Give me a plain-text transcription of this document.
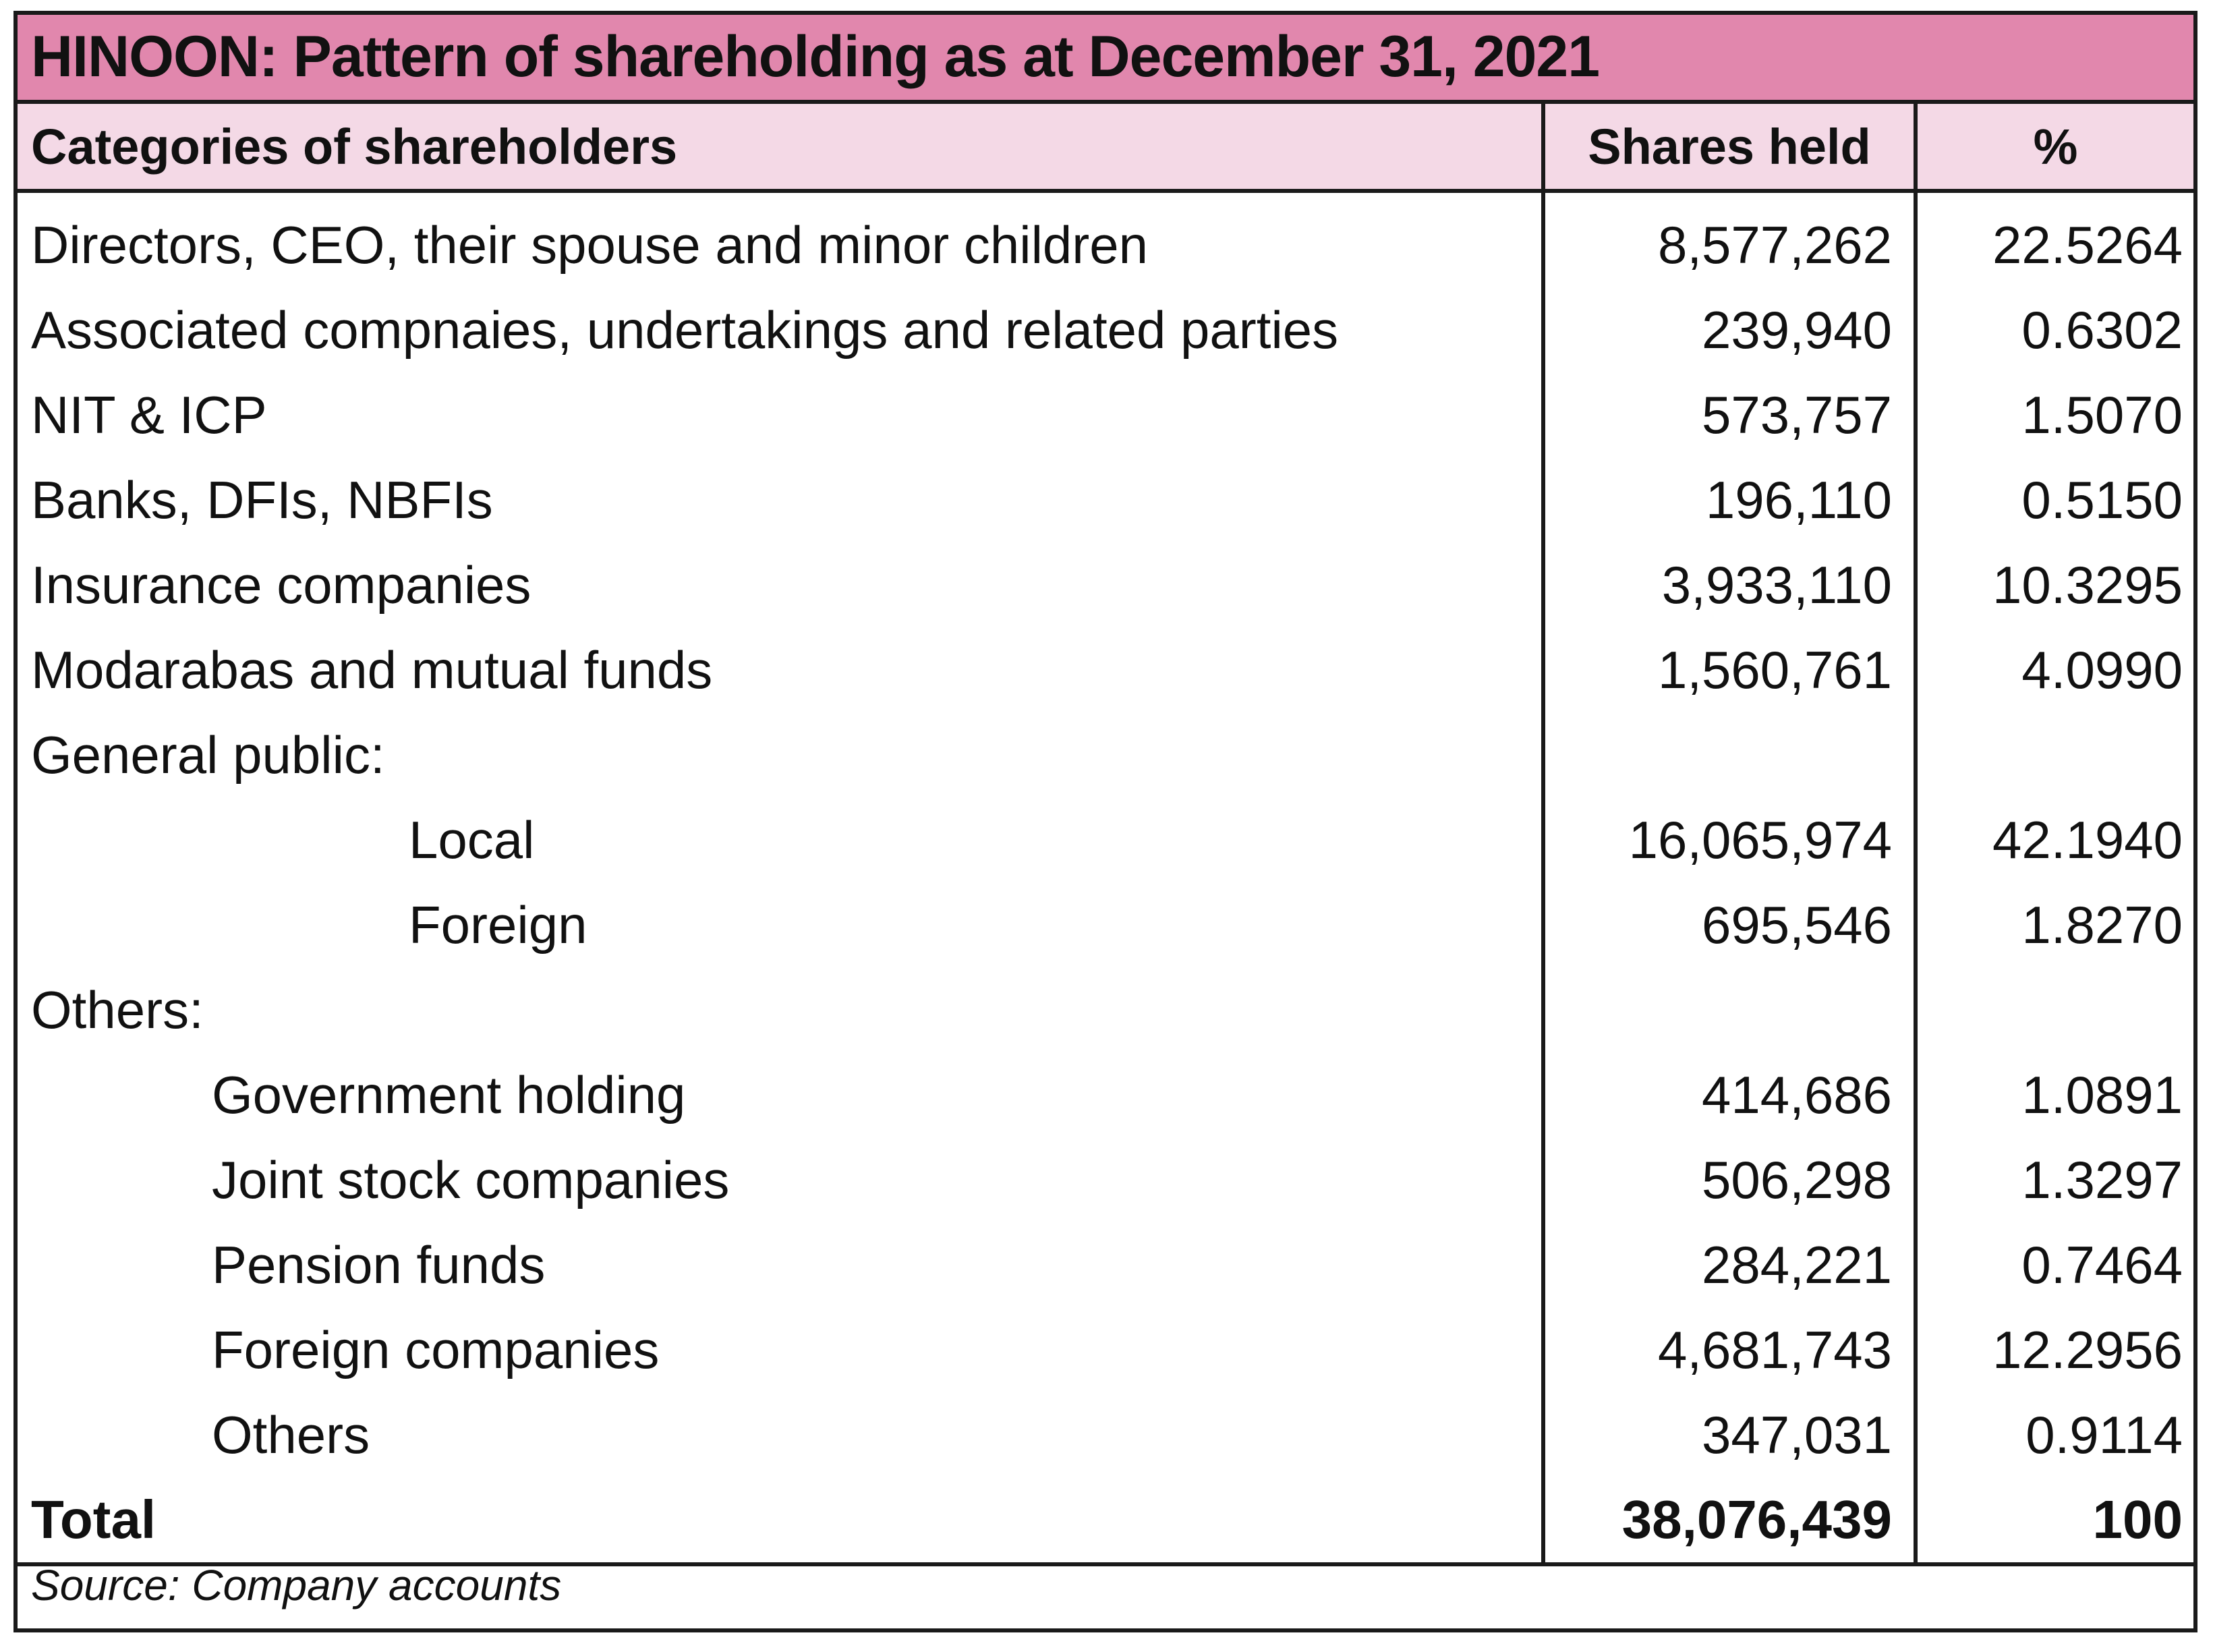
HINOON: Pattern of shareholding as at December 31, 2021
Categories of shareholders	Shares held	%
Directors, CEO, their spouse and minor children	8,577,262	22.5264
Associated compnaies, undertakings and related parties	239,940	0.6302
NIT & ICP	573,757	1.5070
Banks, DFIs, NBFIs	196,110	0.5150
Insurance companies	3,933,110	10.3295
Modarabas and mutual funds	1,560,761	4.0990
General public:		
Local	16,065,974	42.1940
Foreign	695,546	1.8270
Others:		
Government holding	414,686	1.0891
Joint stock companies	506,298	1.3297
Pension funds	284,221	0.7464
Foreign companies	4,681,743	12.2956
Others	347,031	0.9114
Total	38,076,439	100
Source: Company accounts
